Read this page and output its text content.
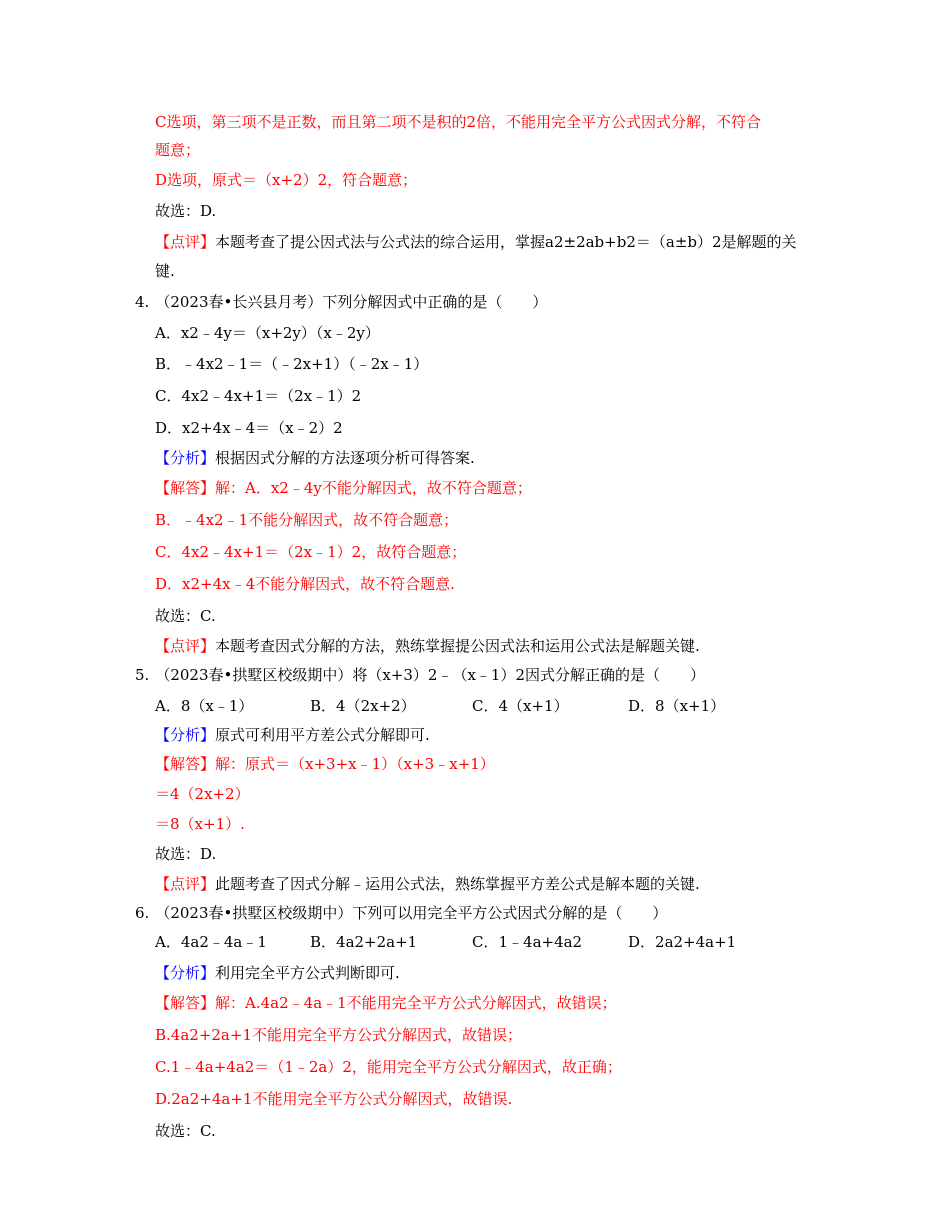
C选项，第三项不是正数，而且第二项不是积的2倍，不能用完全平方公式因式分解，不符合
题意；
D选项，原式＝（x+2）2，符合题意；
故选：D.
【点评】本题考查了提公因式法与公式法的综合运用，掌握a2±2ab+b2＝（a±b）2是解题的关
键.
4. （2023春•长兴县月考）下列分解因式中正确的是（　　）
A．x2﹣4y＝（x+2y）（x﹣2y）
B．﹣4x2﹣1＝（﹣2x+1）（﹣2x﹣1）
C．4x2﹣4x+1＝（2x﹣1）2
D．x2+4x﹣4＝（x﹣2）2
【分析】根据因式分解的方法逐项分析可得答案.
【解答】解：A．x2﹣4y不能分解因式，故不符合题意；
B．﹣4x2﹣1不能分解因式，故不符合题意；
C．4x2﹣4x+1＝（2x﹣1）2，故符合题意；
D．x2+4x﹣4不能分解因式，故不符合题意.
故选：C.
【点评】本题考查因式分解的方法，熟练掌握提公因式法和运用公式法是解题关键.
5. （2023春•拱墅区校级期中）将（x+3）2﹣（x﹣1）2因式分解正确的是（　　）
A．8（x﹣1）	B．4（2x+2）	C．4（x+1）	D．8（x+1）
【分析】原式可利用平方差公式分解即可.
【解答】解：原式＝（x+3+x﹣1）（x+3﹣x+1）
＝4（2x+2）
＝8（x+1）.
故选：D.
【点评】此题考查了因式分解﹣运用公式法，熟练掌握平方差公式是解本题的关键.
6. （2023春•拱墅区校级期中）下列可以用完全平方公式因式分解的是（　　）
A．4a2﹣4a﹣1	B．4a2+2a+1	C．1﹣4a+4a2	D．2a2+4a+1
【分析】利用完全平方公式判断即可.
【解答】解：A.4a2﹣4a﹣1不能用完全平方公式分解因式，故错误；
B.4a2+2a+1不能用完全平方公式分解因式，故错误；
C.1﹣4a+4a2＝（1﹣2a）2，能用完全平方公式分解因式，故正确；
D.2a2+4a+1不能用完全平方公式分解因式，故错误.
故选：C.
